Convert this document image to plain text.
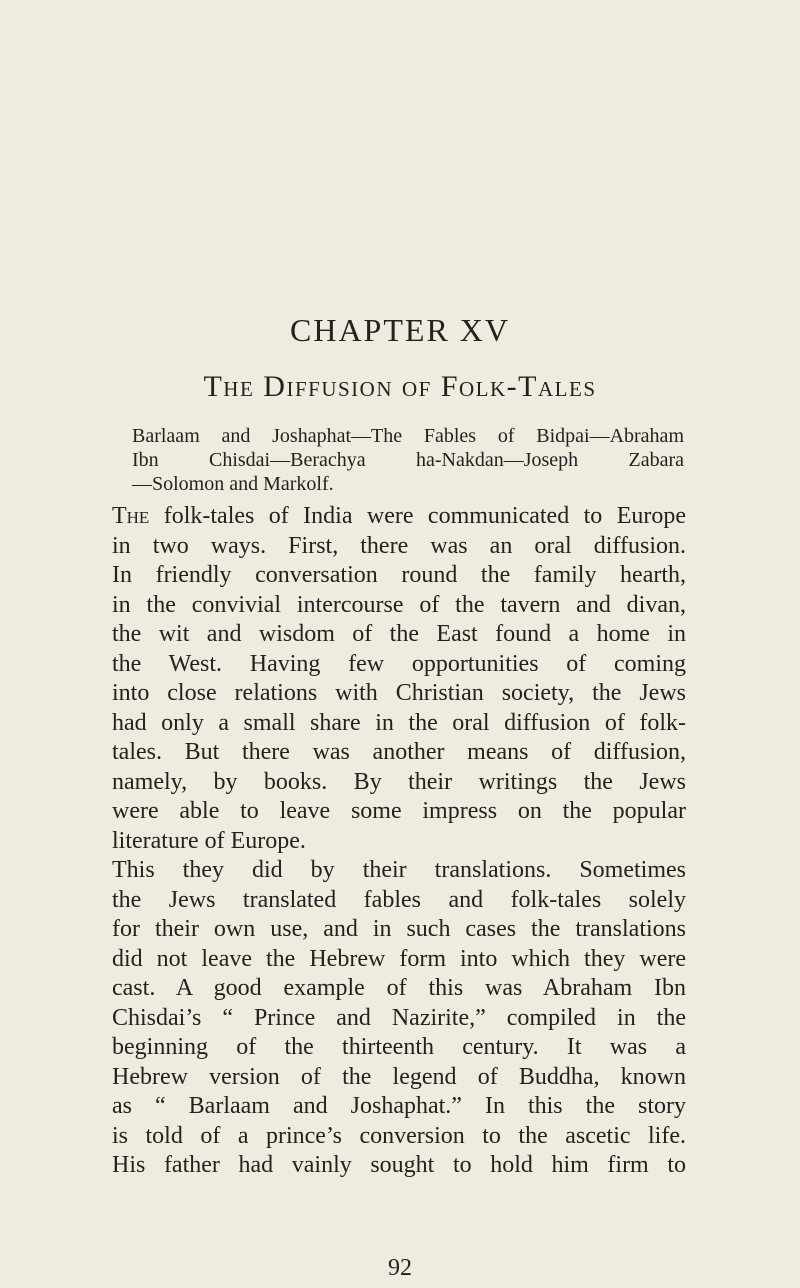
CHAPTER XV
The Diffusion of Folk-Tales
Barlaam and Joshaphat—The Fables of Bidpai—Abraham
Ibn Chisdai—Berachya ha-Nakdan—Joseph Zabara
—Solomon and Markolf.
The folk-tales of India were communicated to Europe
in two ways. First, there was an oral diffusion.
In friendly conversation round the family hearth,
in the convivial intercourse of the tavern and divan,
the wit and wisdom of the East found a home in
the West. Having few opportunities of coming
into close relations with Christian society, the Jews
had only a small share in the oral diffusion of folk-
tales. But there was another means of diffusion,
namely, by books. By their writings the Jews
were able to leave some impress on the popular
literature of Europe.
This they did by their translations. Sometimes
the Jews translated fables and folk-tales solely
for their own use, and in such cases the translations
did not leave the Hebrew form into which they were
cast. A good example of this was Abraham Ibn
Chisdai’s “ Prince and Nazirite,” compiled in the
beginning of the thirteenth century. It was a
Hebrew version of the legend of Buddha, known
as “ Barlaam and Joshaphat.” In this the story
is told of a prince’s conversion to the ascetic life.
His father had vainly sought to hold him firm to
92
